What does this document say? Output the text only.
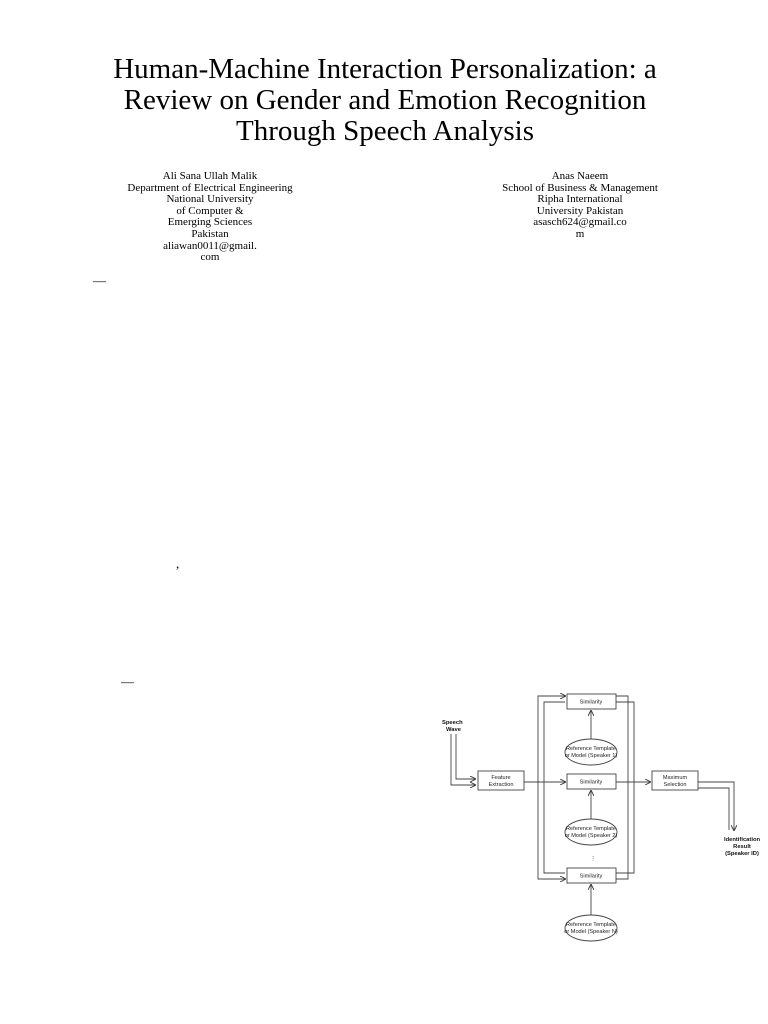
Human-Machine Interaction Personalization: a
Review on Gender and Emotion Recognition
Through Speech Analysis
Ali Sana Ullah Malik
Department of Electrical Engineering
National University
of Computer &
Emerging Sciences
Pakistan
aliawan0011@gmail.
com
Anas Naeem
School of Business & Management
Ripha International
University Pakistan
asasch624@gmail.co
m
—
,
—
Speech
Wave
Feature
Extraction
Similarity
Similarity
Similarity
Reference Template
or Model (Speaker 1)
Reference Template
or Model (Speaker 2)
Reference Template
or Model (Speaker N)
⋮
Maximum
Selection
Identification
Result
(Speaker ID)
